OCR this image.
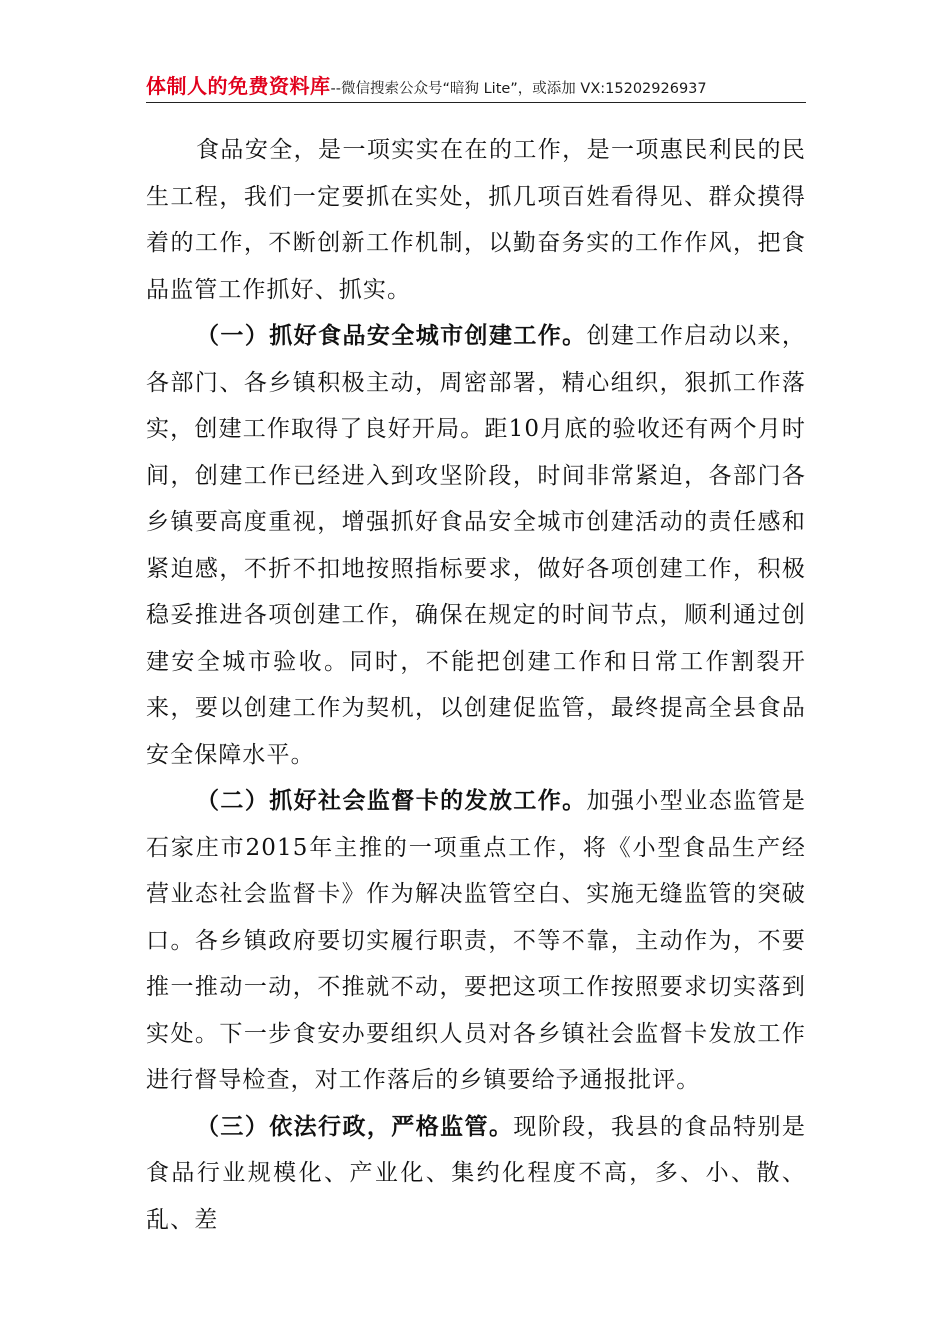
体制人的免费资料库--微信搜索公众号“暗狗 Lite”，或添加 VX:15202926937

食品安全，是一项实实在在的工作，是一项惠民利民的民生工程，我们一定要抓在实处，抓几项百姓看得见、群众摸得着的工作，不断创新工作机制，以勤奋务实的工作作风，把食品监管工作抓好、抓实。

（一）抓好食品安全城市创建工作。创建工作启动以来，各部门、各乡镇积极主动，周密部署，精心组织，狠抓工作落实，创建工作取得了良好开局。距10月底的验收还有两个月时间，创建工作已经进入到攻坚阶段，时间非常紧迫，各部门各乡镇要高度重视，增强抓好食品安全城市创建活动的责任感和紧迫感，不折不扣地按照指标要求，做好各项创建工作，积极稳妥推进各项创建工作，确保在规定的时间节点，顺利通过创建安全城市验收。同时，不能把创建工作和日常工作割裂开来，要以创建工作为契机，以创建促监管，最终提高全县食品安全保障水平。

（二）抓好社会监督卡的发放工作。加强小型业态监管是石家庄市2015年主推的一项重点工作，将《小型食品生产经营业态社会监督卡》作为解决监管空白、实施无缝监管的突破口。各乡镇政府要切实履行职责，不等不靠，主动作为，不要推一推动一动，不推就不动，要把这项工作按照要求切实落到实处。下一步食安办要组织人员对各乡镇社会监督卡发放工作进行督导检查，对工作落后的乡镇要给予通报批评。

（三）依法行政，严格监管。现阶段，我县的食品特别是食品行业规模化、产业化、集约化程度不高，多、小、散、乱、差
